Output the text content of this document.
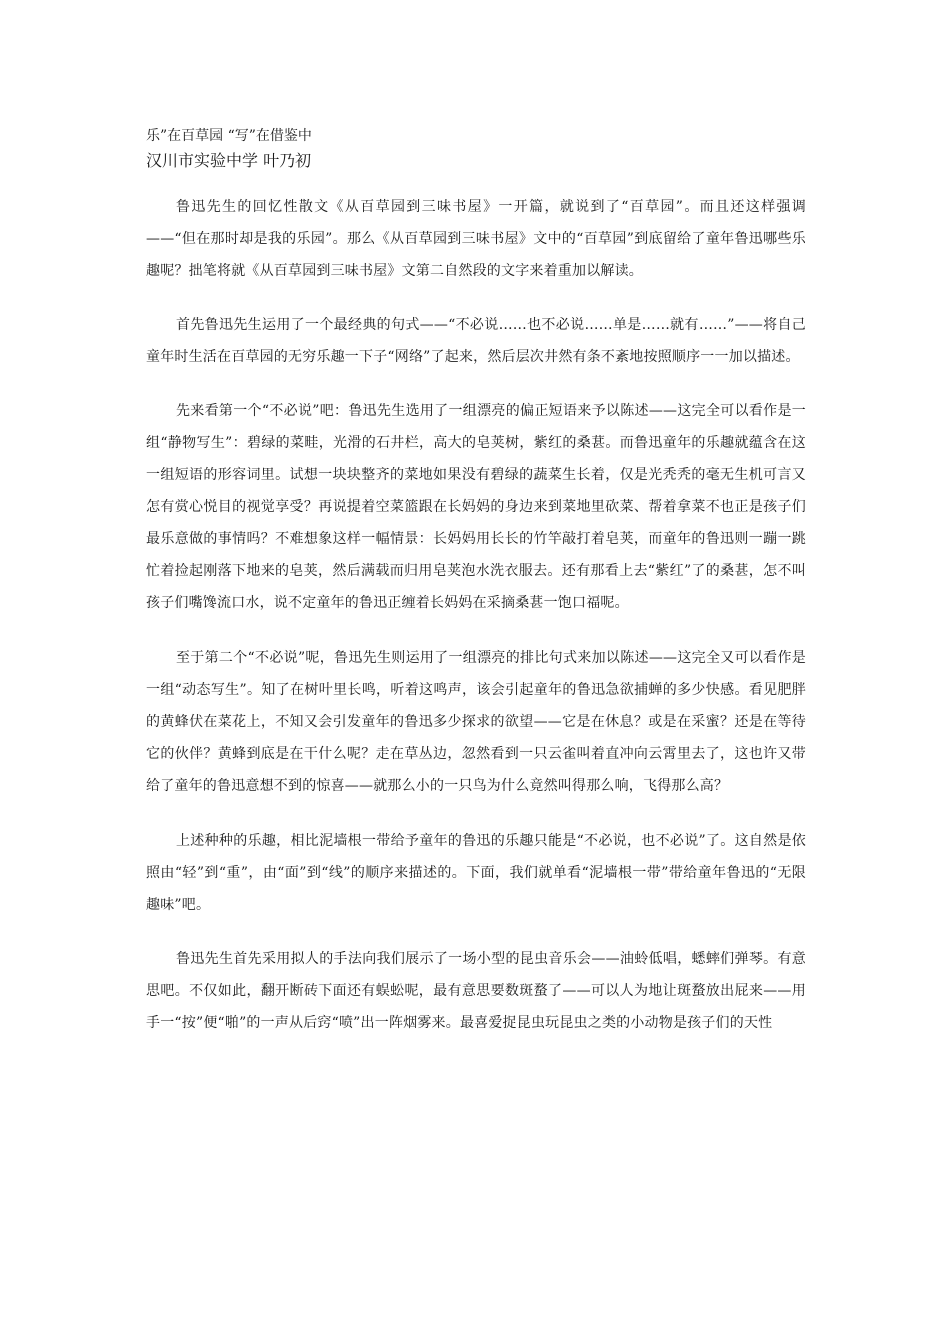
乐”在百草园 “写”在借鉴中
汉川市实验中学 叶乃初

鲁迅先生的回忆性散文《从百草园到三味书屋》一开篇，就说到了“百草园”。而且还这样强调——“但在那时却是我的乐园”。那么《从百草园到三味书屋》文中的“百草园”到底留给了童年鲁迅哪些乐趣呢？拙笔将就《从百草园到三味书屋》文第二自然段的文字来着重加以解读。

首先鲁迅先生运用了一个最经典的句式——“不必说……也不必说……单是……就有……”——将自己童年时生活在百草园的无穷乐趣一下子“网络”了起来，然后层次井然有条不紊地按照顺序一一加以描述。

先来看第一个“不必说”吧：鲁迅先生选用了一组漂亮的偏正短语来予以陈述——这完全可以看作是一组“静物写生”：碧绿的菜畦，光滑的石井栏，高大的皂荚树，紫红的桑葚。而鲁迅童年的乐趣就蕴含在这一组短语的形容词里。试想一块块整齐的菜地如果没有碧绿的蔬菜生长着，仅是光秃秃的毫无生机可言又怎有赏心悦目的视觉享受？再说提着空菜篮跟在长妈妈的身边来到菜地里砍菜、帮着拿菜不也正是孩子们最乐意做的事情吗？不难想象这样一幅情景：长妈妈用长长的竹竿敲打着皂荚，而童年的鲁迅则一蹦一跳忙着捡起刚落下地来的皂荚，然后满载而归用皂荚泡水洗衣服去。还有那看上去“紫红”了的桑葚，怎不叫孩子们嘴馋流口水，说不定童年的鲁迅正缠着长妈妈在采摘桑葚一饱口福呢。

至于第二个“不必说”呢，鲁迅先生则运用了一组漂亮的排比句式来加以陈述——这完全又可以看作是一组“动态写生”。知了在树叶里长鸣，听着这鸣声，该会引起童年的鲁迅急欲捕蝉的多少快感。看见肥胖的黄蜂伏在菜花上，不知又会引发童年的鲁迅多少探求的欲望——它是在休息？或是在采蜜？还是在等待它的伙伴？黄蜂到底是在干什么呢？走在草丛边，忽然看到一只云雀叫着直冲向云霄里去了，这也许又带给了童年的鲁迅意想不到的惊喜——就那么小的一只鸟为什么竟然叫得那么响，飞得那么高？

上述种种的乐趣，相比泥墙根一带给予童年的鲁迅的乐趣只能是“不必说，也不必说”了。这自然是依照由“轻”到“重”，由“面”到“线”的顺序来描述的。下面，我们就单看“泥墙根一带”带给童年鲁迅的“无限趣味”吧。

鲁迅先生首先采用拟人的手法向我们展示了一场小型的昆虫音乐会——油蛉低唱，蟋蟀们弹琴。有意思吧。不仅如此，翻开断砖下面还有蜈蚣呢，最有意思要数斑蝥了——可以人为地让斑蝥放出屁来——用手一“按”便“啪”的一声从后窍“喷”出一阵烟雾来。最喜爱捉昆虫玩昆虫之类的小动物是孩子们的天性
